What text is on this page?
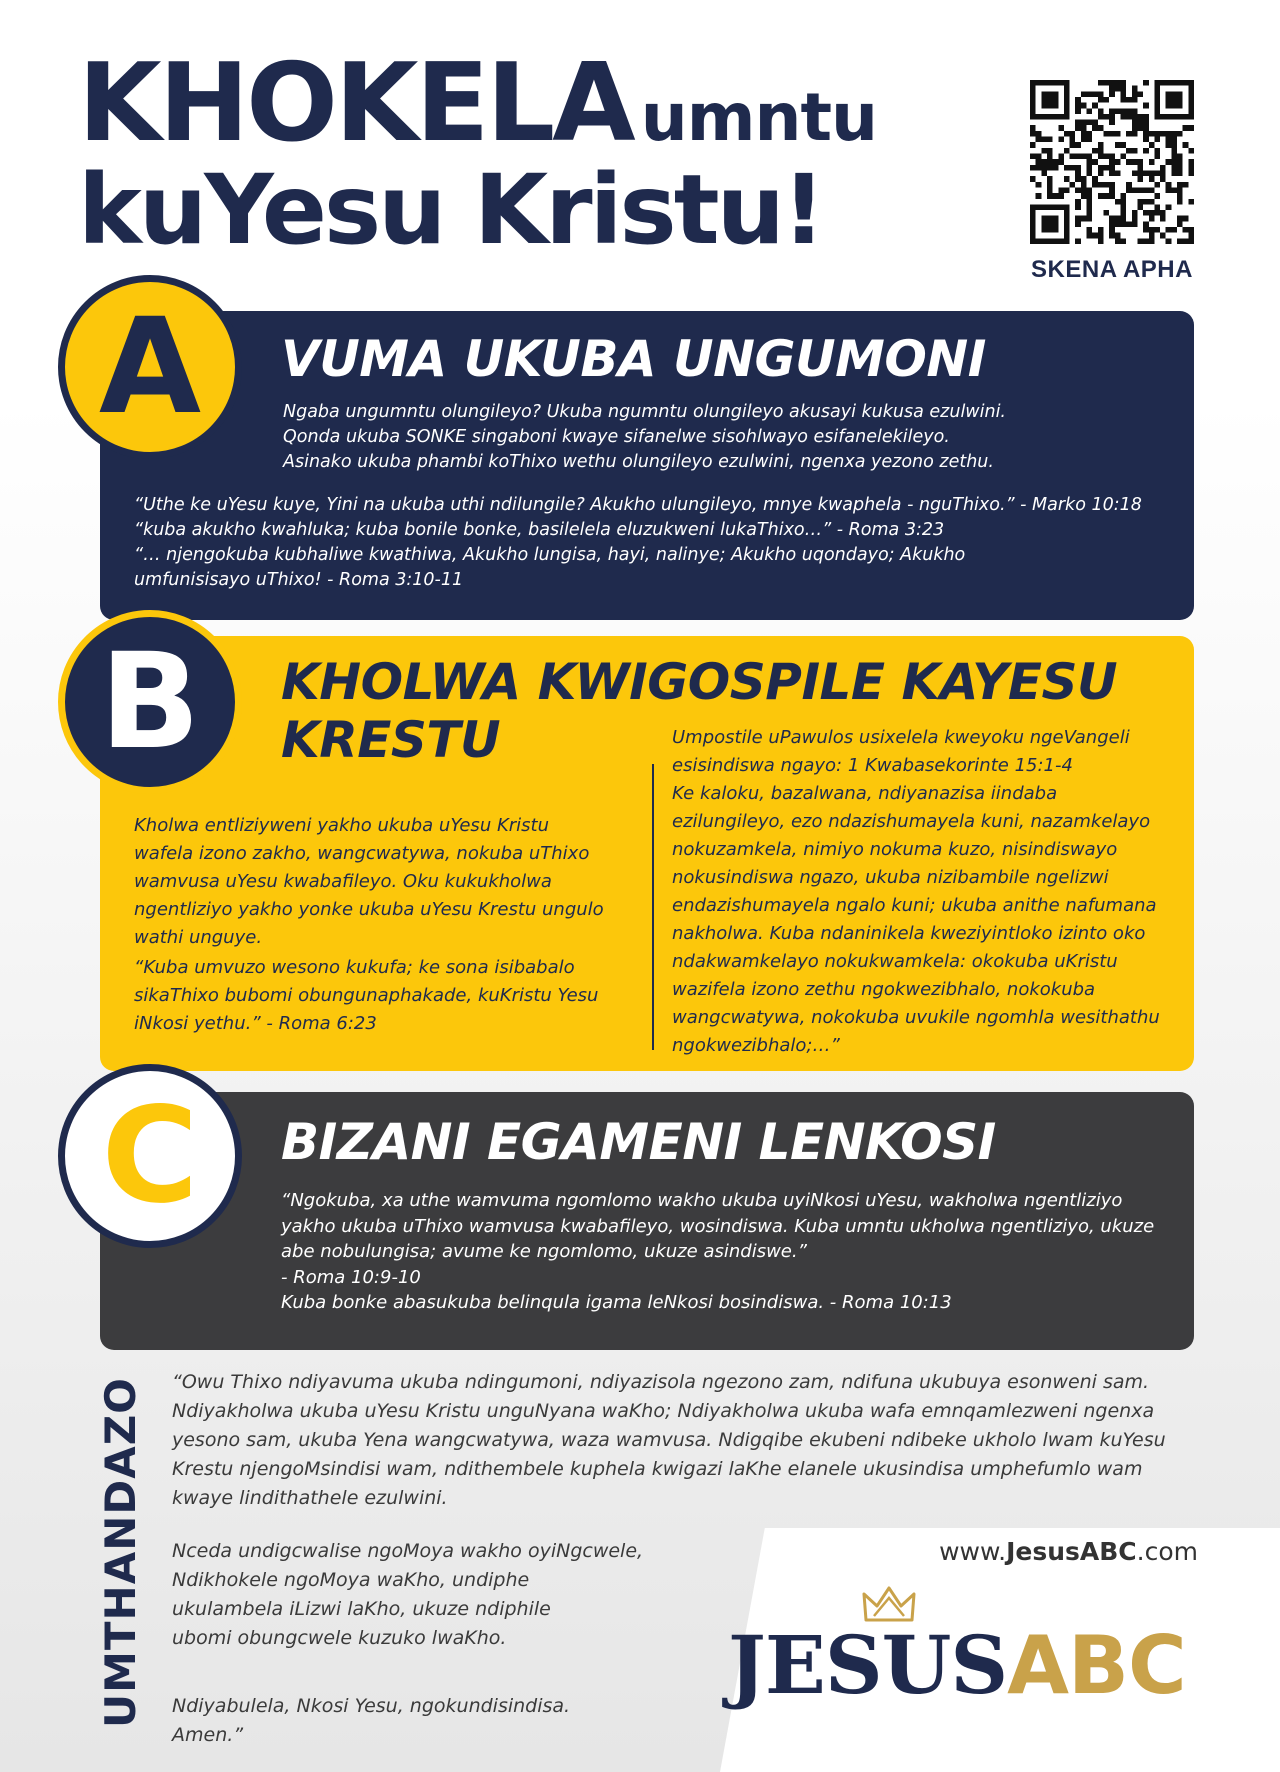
KHOKELA umntu
kuYesu Kristu!
SKENA APHA
VUMA UKUBA UNGUMONI
Ngaba ungumntu olungileyo? Ukuba ngumntu olungileyo akusayi kukusa ezulwini.
Qonda ukuba SONKE singaboni kwaye sifanelwe sisohlwayo esifanelekileyo.
Asinako ukuba phambi koThixo wethu olungileyo ezulwini, ngenxa yezono zethu.
“Uthe ke uYesu kuye, Yini na ukuba uthi ndilungile? Akukho ulungileyo, mnye kwaphela - nguThixo.” - Marko 10:18
“kuba akukho kwahluka; kuba bonile bonke, basilelela eluzukweni lukaThixo…” - Roma 3:23
“… njengokuba kubhaliwe kwathiwa, Akukho lungisa, hayi, nalinye; Akukho uqondayo; Akukho
umfunisisayo uThixo! - Roma 3:10-11
A
KHOLWA KWIGOSPILE KAYESU KRESTU
Kholwa entliziyweni yakho ukuba uYesu Kristu wafela izono zakho, wangcwatywa, nokuba uThixo wamvusa uYesu kwabafileyo. Oku kukukholwa ngentliziyo yakho yonke ukuba uYesu Krestu ungulo wathi unguye.
“Kuba umvuzo wesono kukufa; ke sona isibabalo sikaThixo bubomi obungunaphakade, kuKristu Yesu iNkosi yethu.” - Roma 6:23
Umpostile uPawulos usixelela kweyoku ngeVangeli esisindiswa ngayo: 1 Kwabasekorinte 15:1-4
Ke kaloku, bazalwana, ndiyanazisa iindaba ezilungileyo, ezo ndazishumayela kuni, nazamkelayo nokuzamkela, nimiyo nokuma kuzo, nisindiswayo nokusindiswa ngazo, ukuba nizibambile ngelizwi endazishumayela ngalo kuni; ukuba anithe nafumana nakholwa. Kuba ndaninikela kweziyintloko izinto oko ndakwamkelayo nokukwamkela: okokuba uKristu wazifela izono zethu ngokwezibhalo, nokokuba wangcwatywa, nokokuba uvukile ngomhla wesithathu ngokwezibhalo;…”
B
BIZANI EGAMENI LENKOSI
“Ngokuba, xa uthe wamvuma ngomlomo wakho ukuba uyiNkosi uYesu, wakholwa ngentliziyo yakho ukuba uThixo wamvusa kwabafileyo, wosindiswa. Kuba umntu ukholwa ngentliziyo, ukuze abe nobulungisa; avume ke ngomlomo, ukuze asindiswe.”
- Roma 10:9-10
Kuba bonke abasukuba belinqula igama leNkosi bosindiswa. - Roma 10:13
C
UMTHANDAZO “Owu Thixo ndiyavuma ukuba ndingumoni, ndiyazisola ngezono zam, ndifuna ukubuya esonweni sam. Ndiyakholwa ukuba uYesu Kristu unguNyana waKho; Ndiyakholwa ukuba wafa emnqamlezweni ngenxa yesono sam, ukuba Yena wangcwatywa, waza wamvusa. Ndigqibe ekubeni ndibeke ukholo lwam kuYesu Krestu njengoMsindisi wam, ndithembele kuphela kwigazi laKhe elanele ukusindisa umphefumlo wam kwaye lindithathele ezulwini.
Nceda undigcwalise ngoMoya wakho oyiNgcwele,
Ndikhokele ngoMoya waKho, undiphe
ukulambela iLizwi laKho, ukuze ndiphile
ubomi obungcwele kuzuko lwaKho.
Ndiyabulela, Nkosi Yesu, ngokundisindisa.
Amen.”
www.JesusABC.com
JESUSABC
